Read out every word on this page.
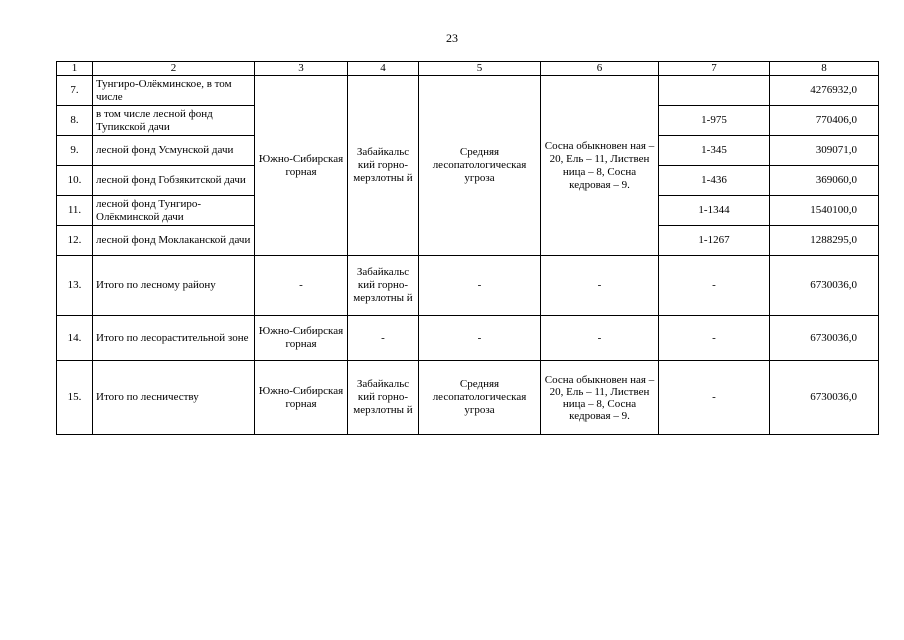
23
1	2	3	4	5	6	7	8
7.	Тунгиро-Олёкминское, в том числе	Южно-Сибирская горная	Забайкальс кий горно-мерзлотны й	Средняя лесопатологическая угроза	Сосна обыкновен ная – 20, Ель – 11, Листвен ница – 8, Сосна кедровая – 9.		4276932,0
8.	в том числе лесной фонд Тупикской дачи					1-975	770406,0
9.	лесной фонд Усмунской дачи					1-345	309071,0
10.	лесной фонд Гобзякитской дачи					1-436	369060,0
11.	лесной фонд Тунгиро-Олёкминской дачи					1-1344	1540100,0
12.	лесной фонд Моклаканской дачи					1-1267	1288295,0
13.	Итого по лесному району	-	Забайкальс кий горно-мерзлотны й	-	-	-	6730036,0
14.	Итого по лесорастительной зоне	Южно-Сибирская горная	-	-	-	-	6730036,0
15.	Итого по лесничеству	Южно-Сибирская горная	Забайкальс кий горно-мерзлотны й	Средняя лесопатологическая угроза	Сосна обыкновен ная – 20, Ель – 11, Листвен ница – 8, Сосна кедровая – 9.	-	6730036,0
